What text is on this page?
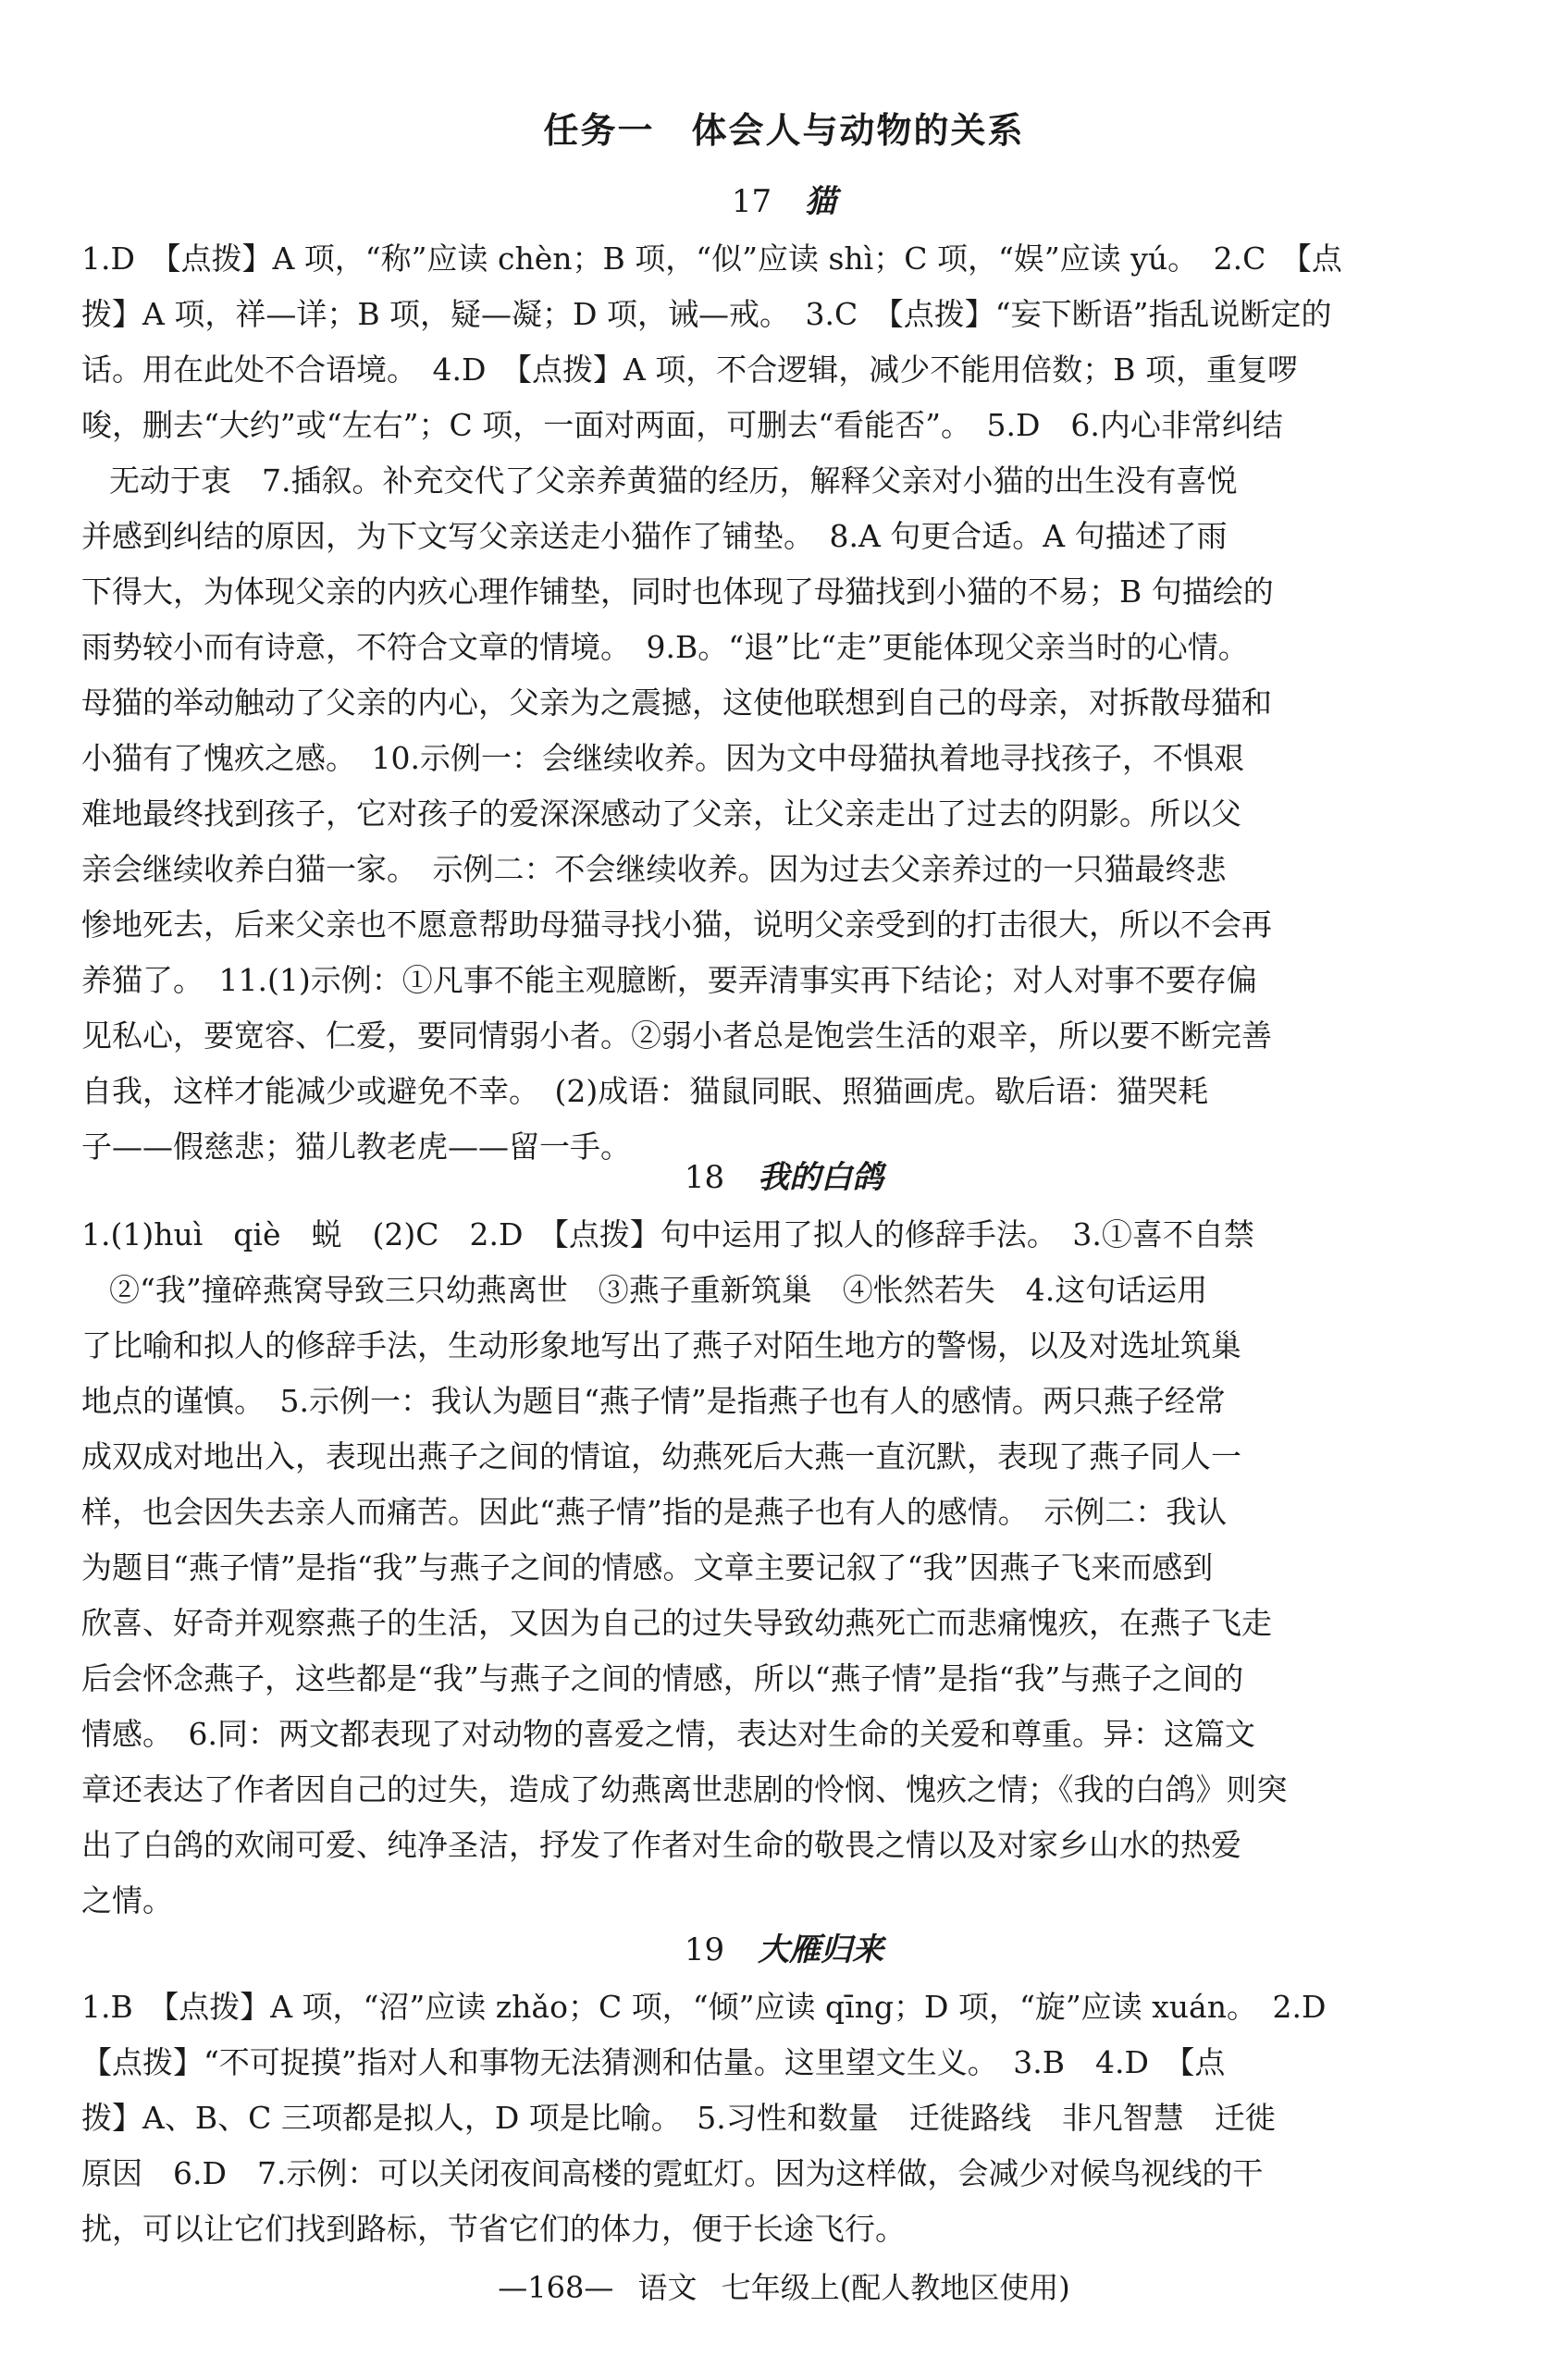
任务一　体会人与动物的关系
17 猫
1.D　【点拨】A 项，“称”应读 chèn；B 项，“似”应读 shì；C 项，“娱”应读 yú。　2.C　【点
拨】A 项，祥—详；B 项，疑—凝；D 项，诫—戒。　3.C　【点拨】“妄下断语”指乱说断定的
话。用在此处不合语境。　4.D　【点拨】A 项，不合逻辑，减少不能用倍数；B 项，重复啰
唆，删去“大约”或“左右”；C 项，一面对两面，可删去“看能否”。　5.D　6.内心非常纠结
无动于衷　7.插叙。补充交代了父亲养黄猫的经历，解释父亲对小猫的出生没有喜悦
并感到纠结的原因，为下文写父亲送走小猫作了铺垫。　8.A 句更合适。A 句描述了雨
下得大，为体现父亲的内疚心理作铺垫，同时也体现了母猫找到小猫的不易；B 句描绘的
雨势较小而有诗意，不符合文章的情境。　9.B。“退”比“走”更能体现父亲当时的心情。
母猫的举动触动了父亲的内心，父亲为之震撼，这使他联想到自己的母亲，对拆散母猫和
小猫有了愧疚之感。　10.示例一：会继续收养。因为文中母猫执着地寻找孩子，不惧艰
难地最终找到孩子，它对孩子的爱深深感动了父亲，让父亲走出了过去的阴影。所以父
亲会继续收养白猫一家。　示例二：不会继续收养。因为过去父亲养过的一只猫最终悲
惨地死去，后来父亲也不愿意帮助母猫寻找小猫，说明父亲受到的打击很大，所以不会再
养猫了。　11.(1)示例：①凡事不能主观臆断，要弄清事实再下结论；对人对事不要存偏
见私心，要宽容、仁爱，要同情弱小者。②弱小者总是饱尝生活的艰辛，所以要不断完善
自我，这样才能减少或避免不幸。　(2)成语：猫鼠同眠、照猫画虎。歇后语：猫哭耗
子——假慈悲；猫儿教老虎——留一手。
18 我的白鸽
1.(1)huì　qiè　蜕　(2)C　2.D　【点拨】句中运用了拟人的修辞手法。　3.①喜不自禁
②“我”撞碎燕窝导致三只幼燕离世　③燕子重新筑巢　④怅然若失　4.这句话运用
了比喻和拟人的修辞手法，生动形象地写出了燕子对陌生地方的警惕，以及对选址筑巢
地点的谨慎。　5.示例一：我认为题目“燕子情”是指燕子也有人的感情。两只燕子经常
成双成对地出入，表现出燕子之间的情谊，幼燕死后大燕一直沉默，表现了燕子同人一
样，也会因失去亲人而痛苦。因此“燕子情”指的是燕子也有人的感情。　示例二：我认
为题目“燕子情”是指“我”与燕子之间的情感。文章主要记叙了“我”因燕子飞来而感到
欣喜、好奇并观察燕子的生活，又因为自己的过失导致幼燕死亡而悲痛愧疚，在燕子飞走
后会怀念燕子，这些都是“我”与燕子之间的情感，所以“燕子情”是指“我”与燕子之间的
情感。　6.同：两文都表现了对动物的喜爱之情，表达对生命的关爱和尊重。异：这篇文
章还表达了作者因自己的过失，造成了幼燕离世悲剧的怜悯、愧疚之情；《我的白鸽》则突
出了白鸽的欢闹可爱、纯净圣洁，抒发了作者对生命的敬畏之情以及对家乡山水的热爱
之情。
19 大雁归来
1.B　【点拨】A 项，“沼”应读 zhǎo；C 项，“倾”应读 qīng；D 项，“旋”应读 xuán。　2.D
【点拨】“不可捉摸”指对人和事物无法猜测和估量。这里望文生义。　3.B　4.D　【点
拨】A、B、C 三项都是拟人，D 项是比喻。　5.习性和数量　迁徙路线　非凡智慧　迁徙
原因　6.D　7.示例：可以关闭夜间高楼的霓虹灯。因为这样做，会减少对候鸟视线的干
扰，可以让它们找到路标，节省它们的体力，便于长途飞行。
—168— 语文 七年级上(配人教地区使用)
